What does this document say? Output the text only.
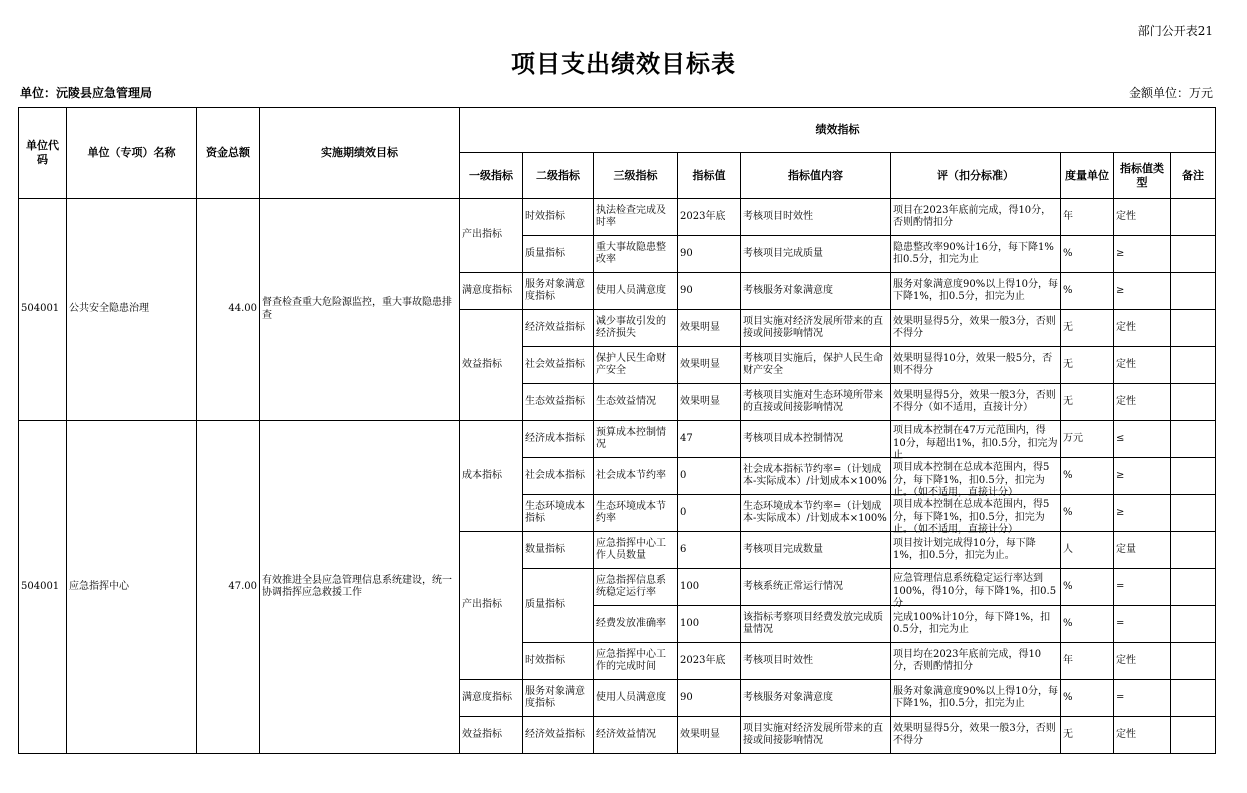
部门公开表21
项目支出绩效目标表
单位：沅陵县应急管理局	金额单位：万元
单位代码	单位（专项）名称	资金总额	实施期绩效目标	绩效指标								
				一级指标	二级指标	三级指标	指标值	指标值内容	评（扣分标准）	度量单位	指标值类型	备注
504001	公共安全隐患治理	44.00	督查检查重大危险源监控，重大事故隐患排查	产出指标	时效指标	执法检查完成及时率	2023年底	考核项目时效性	项目在2023年底前完成，得10分，否则酌情扣分	年	定性	

					质量指标	重大事故隐患整改率	90	考核项目完成质量	隐患整改率90%计16分，每下降1%扣0.5分，扣完为止	%	≥	
				满意度指标	服务对象满意度指标	使用人员满意度	90	考核服务对象满意度	服务对象满意度90%以上得10分，每下降1%，扣0.5分，扣完为止	%	≥	
				效益指标	经济效益指标	减少事故引发的经济损失	效果明显	项目实施对经济发展所带来的直接或间接影响情况	效果明显得5分，效果一般3分，否则不得分	无	定性	

					社会效益指标	保护人民生命财产安全	效果明显	考核项目实施后，保护人民生命财产安全	效果明显得10分，效果一般5分，否则不得分	无	定性	

					生态效益指标	生态效益情况	效果明显	考核项目实施对生态环境所带来的直接或间接影响情况	效果明显得5分，效果一般3分，否则不得分（如不适用，直接计分）	无	定性	
504001	应急指挥中心	47.00	有效推进全县应急管理信息系统建设，统一协调指挥应急救援工作	成本指标	经济成本指标	预算成本控制情况	47	考核项目成本控制情况	项目成本控制在47万元范围内，得10分，每超出1%，扣0.5分，扣完为止	万元	≤	

					社会成本指标	社会成本节约率	0	社会成本指标节约率=（计划成本-实际成本）/计划成本×100%	项目成本控制在总成本范围内，得5分，每下降1%，扣0.5分，扣完为止。（如不适用，直接计分）	%	≥	

					生态环境成本指标	生态环境成本节约率	0	生态环境成本节约率=（计划成本-实际成本）/计划成本×100%	项目成本控制在总成本范围内，得5分，每下降1%，扣0.5分，扣完为止。（如不适用，直接计分）	%	≥	
				产出指标	数量指标	应急指挥中心工作人员数量	6	考核项目完成数量	项目按计划完成得10分，每下降1%，扣0.5分，扣完为止。	人	定量	

					质量指标	应急指挥信息系统稳定运行率	100	考核系统正常运行情况	应急管理信息系统稳定运行率达到100%，得10分，每下降1%，扣0.5分	%	=	

						经费发放准确率	100	该指标考察项目经费发放完成质量情况	完成100%计10分，每下降1%，扣0.5分，扣完为止	%	=	

					时效指标	应急指挥中心工作的完成时间	2023年底	考核项目时效性	项目均在2023年底前完成，得10分，否则酌情扣分	年	定性	
				满意度指标	服务对象满意度指标	使用人员满意度	90	考核服务对象满意度	服务对象满意度90%以上得10分，每下降1%，扣0.5分，扣完为止	%	=	
				效益指标	经济效益指标	经济效益情况	效果明显	项目实施对经济发展所带来的直接或间接影响情况	效果明显得5分，效果一般3分，否则不得分	无	定性	
